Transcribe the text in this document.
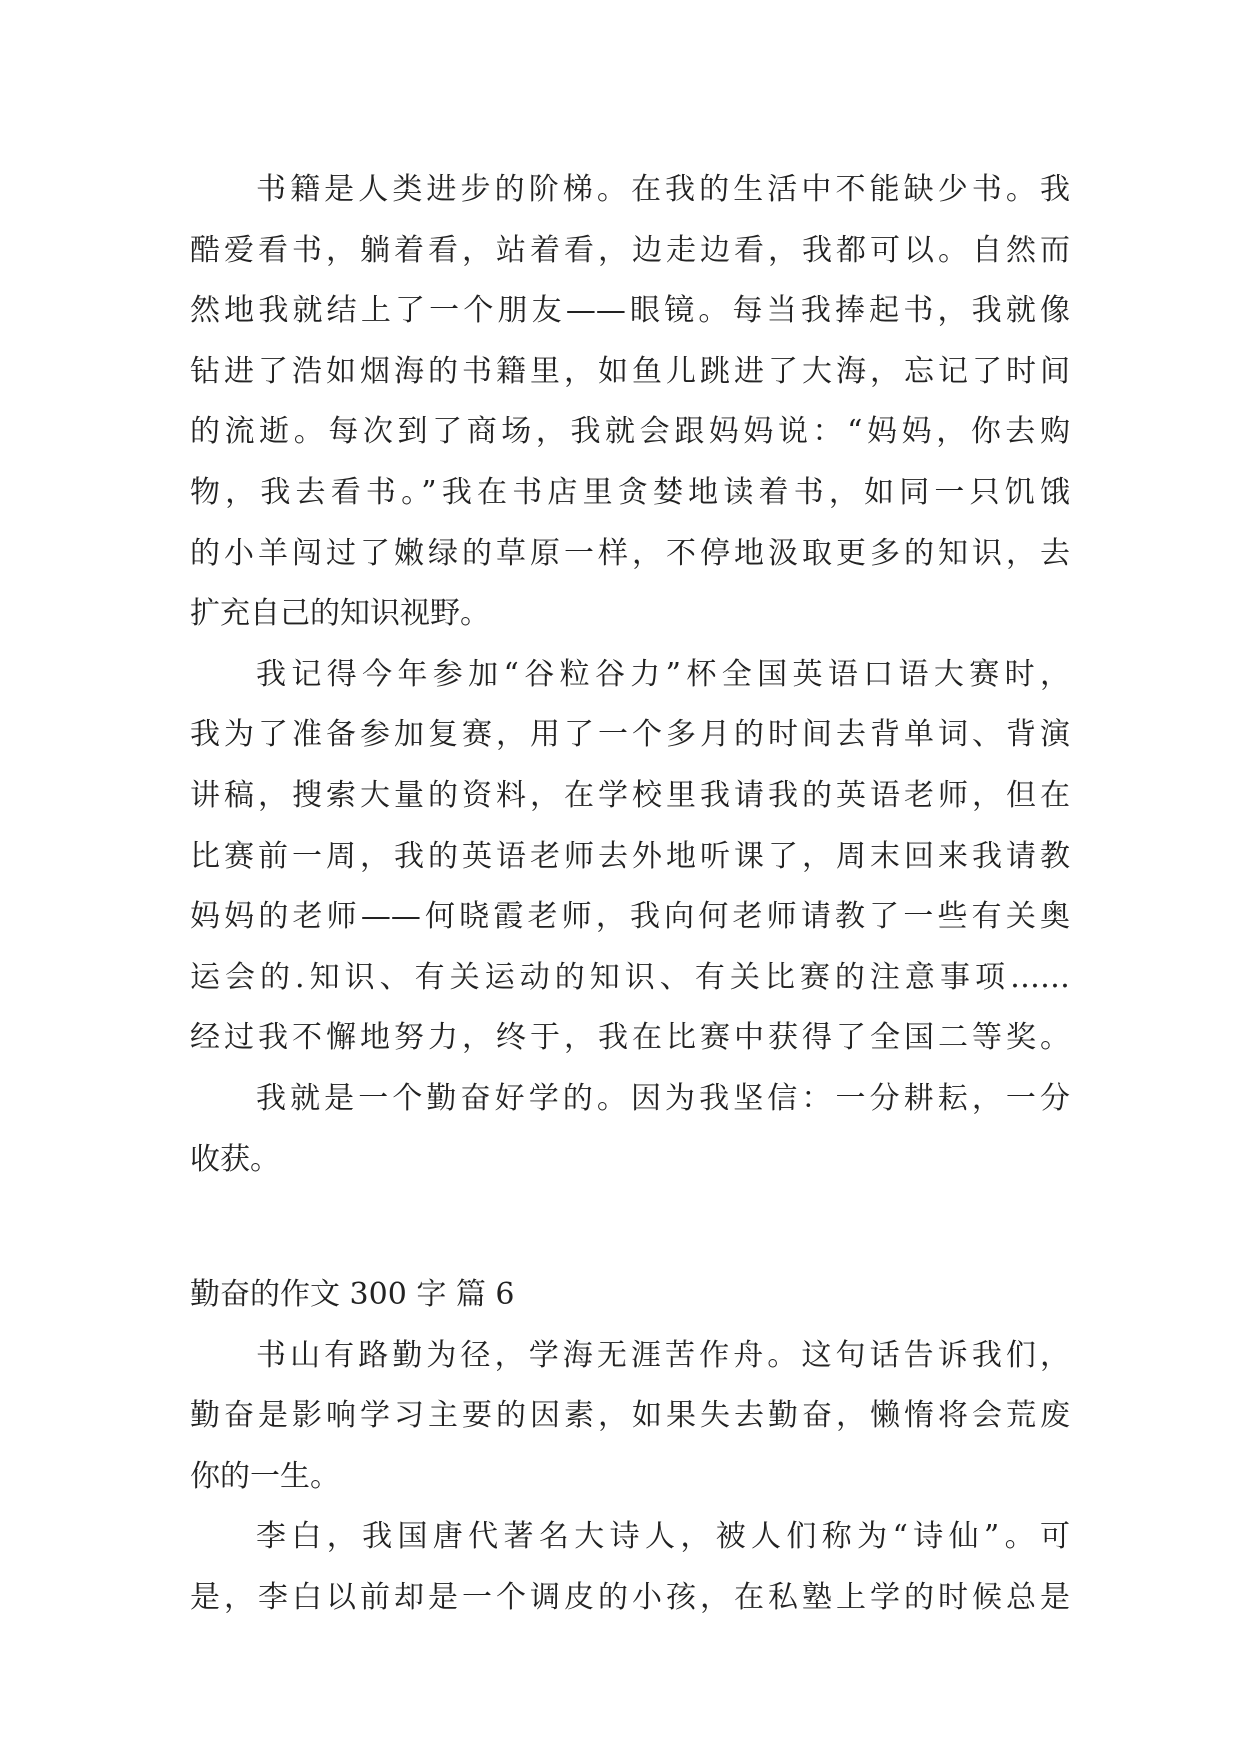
书籍是人类进步的阶梯。在我的生活中不能缺少书。我
酷爱看书，躺着看，站着看，边走边看，我都可以。自然而
然地我就结上了一个朋友——眼镜。每当我捧起书，我就像
钻进了浩如烟海的书籍里，如鱼儿跳进了大海，忘记了时间
的流逝。每次到了商场，我就会跟妈妈说：“妈妈，你去购
物，我去看书。”我在书店里贪婪地读着书，如同一只饥饿
的小羊闯过了嫩绿的草原一样，不停地汲取更多的知识，去
扩充自己的知识视野。
我记得今年参加“谷粒谷力”杯全国英语口语大赛时，
我为了准备参加复赛，用了一个多月的时间去背单词、背演
讲稿，搜索大量的资料，在学校里我请我的英语老师，但在
比赛前一周，我的英语老师去外地听课了，周末回来我请教
妈妈的老师——何晓霞老师，我向何老师请教了一些有关奥
运会的.知识、有关运动的知识、有关比赛的注意事项……
经过我不懈地努力，终于，我在比赛中获得了全国二等奖。
我就是一个勤奋好学的。因为我坚信：一分耕耘，一分
收获。
勤奋的作文 300 字 篇 6
书山有路勤为径，学海无涯苦作舟。这句话告诉我们，
勤奋是影响学习主要的因素，如果失去勤奋，懒惰将会荒废
你的一生。
李白，我国唐代著名大诗人，被人们称为“诗仙”。可
是，李白以前却是一个调皮的小孩，在私塾上学的时候总是
